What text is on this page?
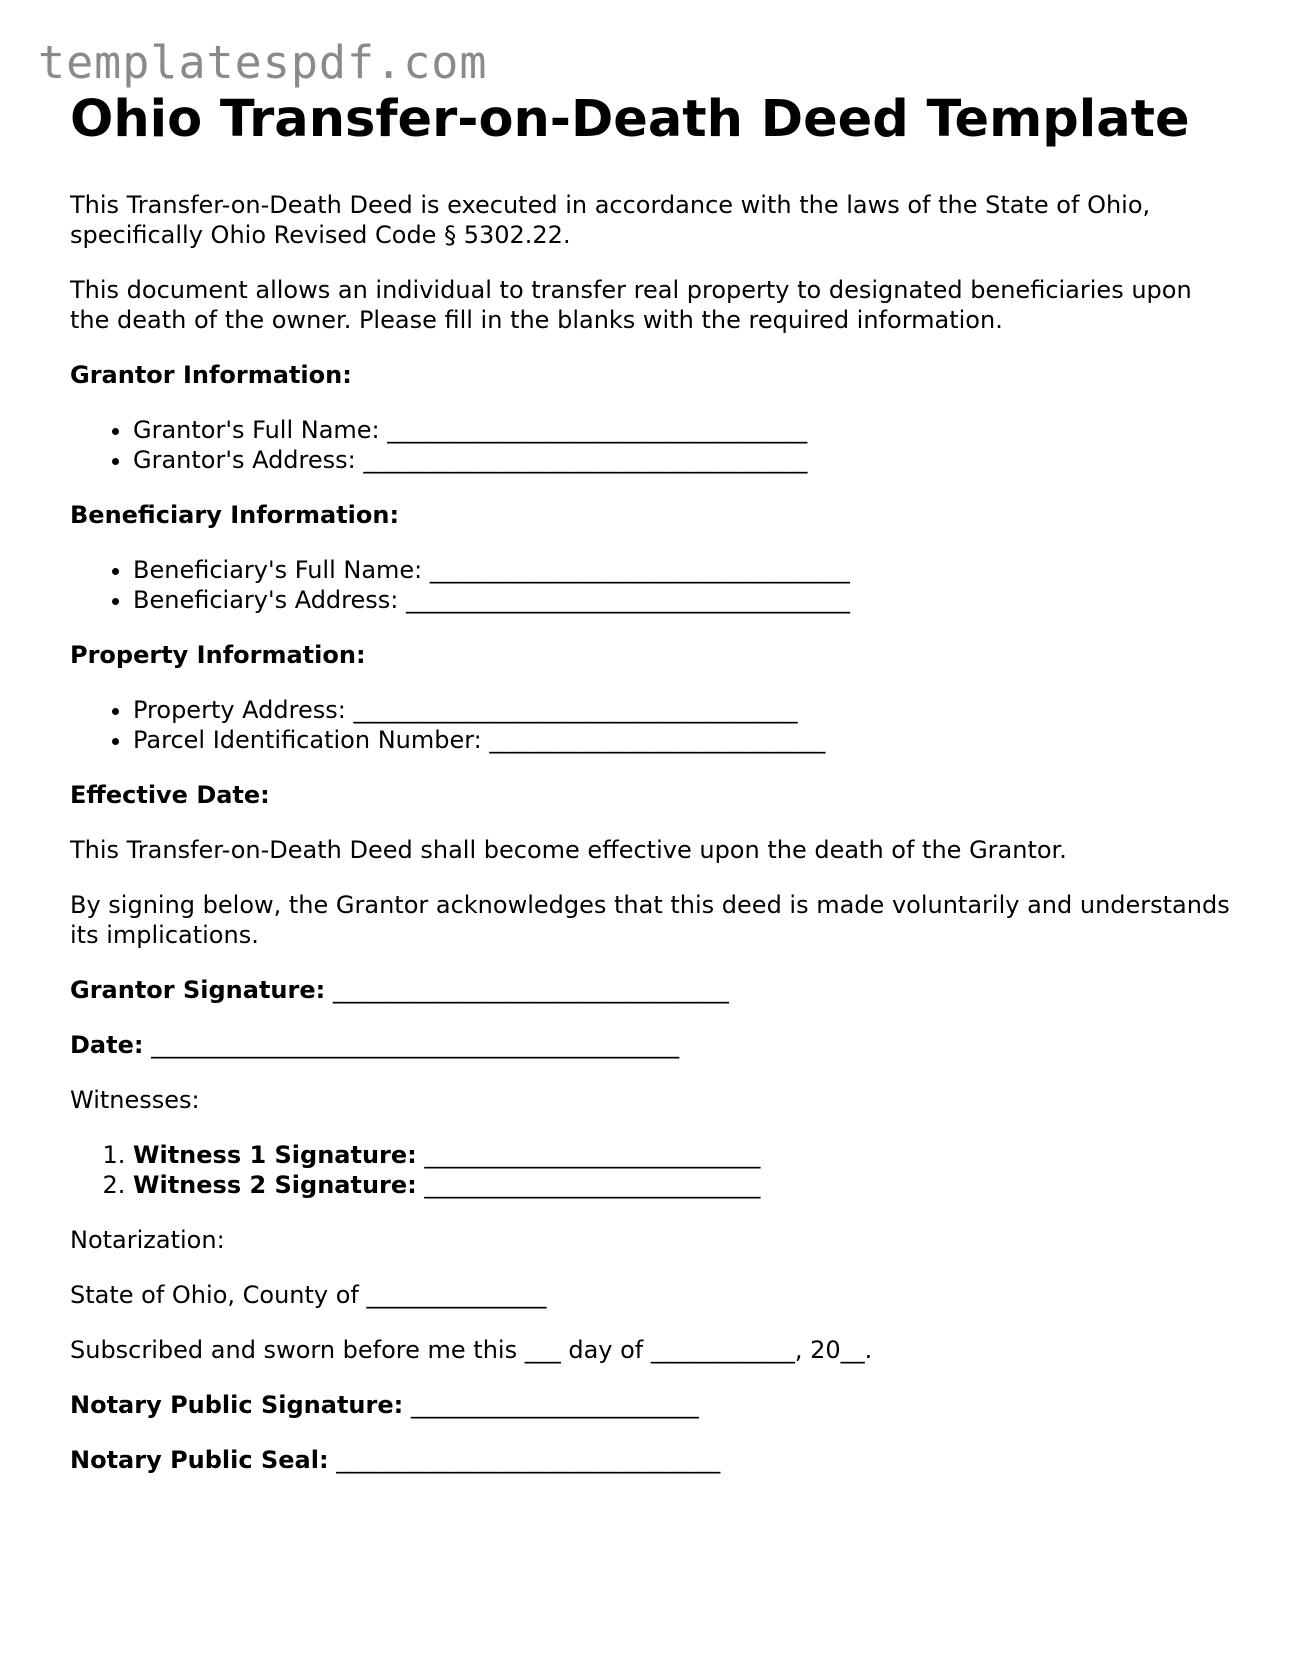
templatespdf.com
Ohio Transfer-on-Death Deed Template

This Transfer-on-Death Deed is executed in accordance with the laws of the State of Ohio, specifically Ohio Revised Code § 5302.22.

This document allows an individual to transfer real property to designated beneficiaries upon the death of the owner. Please fill in the blanks with the required information.

Grantor Information:

• Grantor's Full Name: ___________________________________
• Grantor's Address: _____________________________________

Beneficiary Information:

• Beneficiary's Full Name: ___________________________________
• Beneficiary's Address: _____________________________________

Property Information:

• Property Address: _____________________________________
• Parcel Identification Number: ____________________________

Effective Date:

This Transfer-on-Death Deed shall become effective upon the death of the Grantor.

By signing below, the Grantor acknowledges that this deed is made voluntarily and understands its implications.

Grantor Signature: _________________________________

Date: ____________________________________________

Witnesses:

1. Witness 1 Signature: ____________________________
2. Witness 2 Signature: ____________________________

Notarization:

State of Ohio, County of _______________

Subscribed and sworn before me this ___ day of ____________, 20__.

Notary Public Signature: ________________________

Notary Public Seal: ________________________________
